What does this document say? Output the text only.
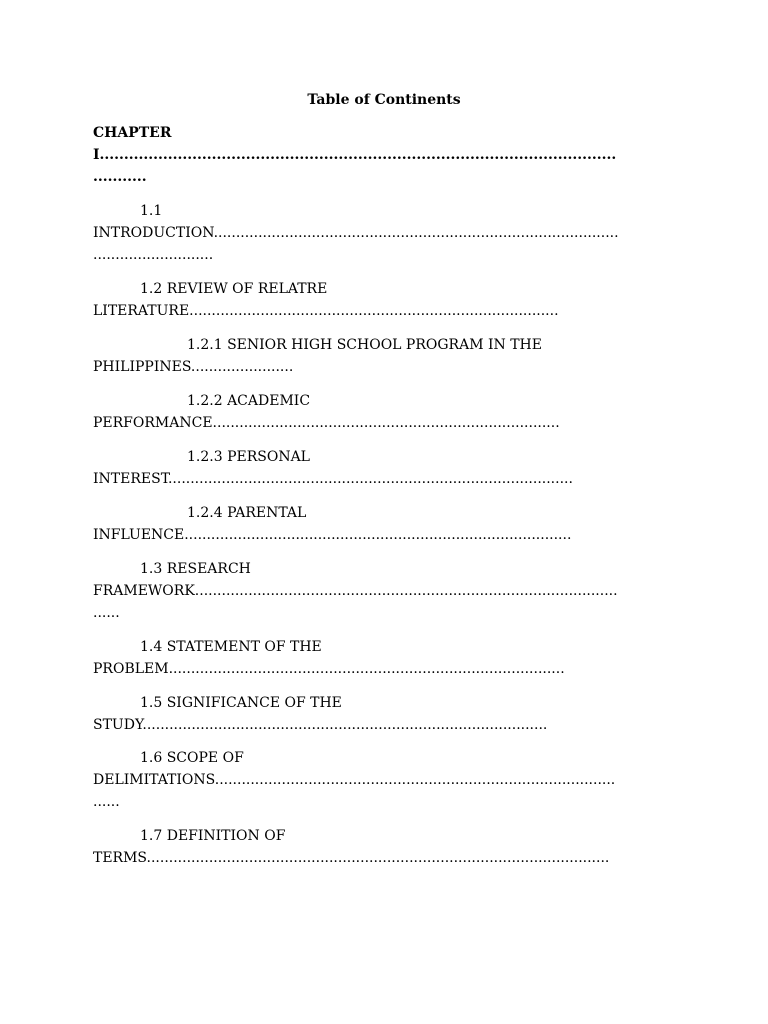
Table of Continents
CHAPTER
I..........................................................................................................
...........
1.1
INTRODUCTION...........................................................................................
...........................
1.2 REVIEW OF RELATRE
LITERATURE...................................................................................
1.2.1 SENIOR HIGH SCHOOL PROGRAM IN THE
PHILIPPINES.......................
1.2.2 ACADEMIC
PERFORMANCE..............................................................................
1.2.3 PERSONAL
INTEREST...........................................................................................
1.2.4 PARENTAL
INFLUENCE.......................................................................................
1.3 RESEARCH
FRAMEWORK...............................................................................................
......
1.4 STATEMENT OF THE
PROBLEM.........................................................................................
1.5 SIGNIFICANCE OF THE
STUDY...........................................................................................
1.6 SCOPE OF
DELIMITATIONS..........................................................................................
......
1.7 DEFINITION OF
TERMS........................................................................................................
